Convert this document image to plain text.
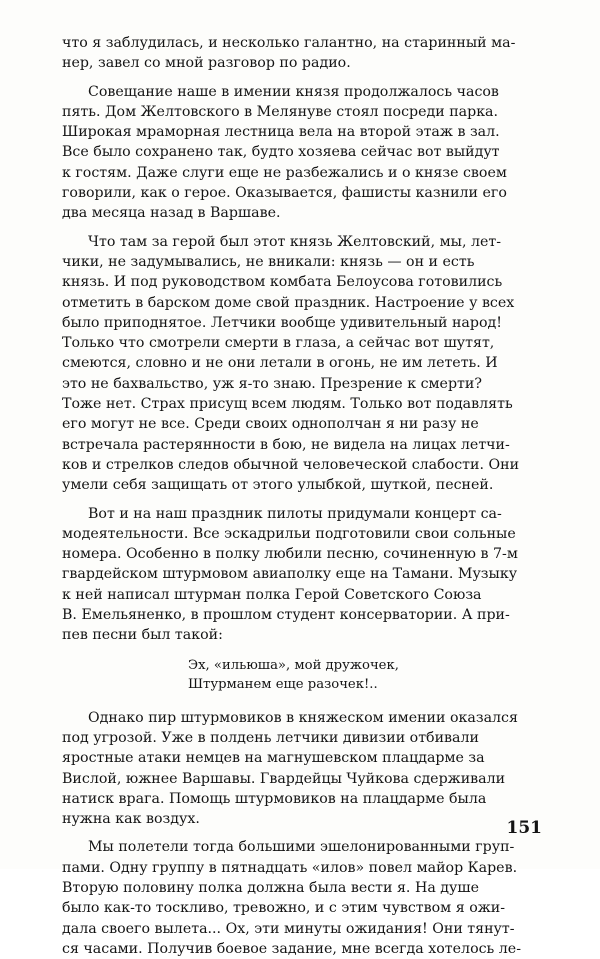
что я заблудилась, и несколько галантно, на старинный ма-
нер, завел со мной разговор по радио.

Совещание наше в имении князя продолжалось часов
пять. Дом Желтовского в Мелянуве стоял посреди парка.
Широкая мраморная лестница вела на второй этаж в зал.
Все было сохранено так, будто хозяева сейчас вот выйдут
к гостям. Даже слуги еще не разбежались и о князе своем
говорили, как о герое. Оказывается, фашисты казнили его
два месяца назад в Варшаве.

Что там за герой был этот князь Желтовский, мы, лет-
чики, не задумывались, не вникали: князь — он и есть
князь. И под руководством комбата Белоусова готовились
отметить в барском доме свой праздник. Настроение у всех
было приподнятое. Летчики вообще удивительный народ!
Только что смотрели смерти в глаза, а сейчас вот шутят,
смеются, словно и не они летали в огонь, не им лететь. И
это не бахвальство, уж я-то знаю. Презрение к смерти?
Тоже нет. Страх присущ всем людям. Только вот подавлять
его могут не все. Среди своих однополчан я ни разу не
встречала растерянности в бою, не видела на лицах летчи-
ков и стрелков следов обычной человеческой слабости. Они
умели себя защищать от этого улыбкой, шуткой, песней.

Вот и на наш праздник пилоты придумали концерт са-
модеятельности. Все эскадрильи подготовили свои сольные
номера. Особенно в полку любили песню, сочиненную в 7-м
гвардейском штурмовом авиаполку еще на Тамани. Музыку
к ней написал штурман полка Герой Советского Союза
В. Емельяненко, в прошлом студент консерватории. А при-
пев песни был такой:

Эх, «ильюша», мой дружочек,
Штурманем еще разочек!..

Однако пир штурмовиков в княжеском имении оказался
под угрозой. Уже в полдень летчики дивизии отбивали
яростные атаки немцев на магнушевском плацдарме за
Вислой, южнее Варшавы. Гвардейцы Чуйкова сдерживали
натиск врага. Помощь штурмовиков на плацдарме была
нужна как воздух.

Мы полетели тогда большими эшелонированными груп-
пами. Одну группу в пятнадцать «илов» повел майор Карев.
Вторую половину полка должна была вести я. На душе
было как-то тоскливо, тревожно, и с этим чувством я ожи-
дала своего вылета... Ох, эти минуты ожидания! Они тянут-
ся часами. Получив боевое задание, мне всегда хотелось ле-

151
